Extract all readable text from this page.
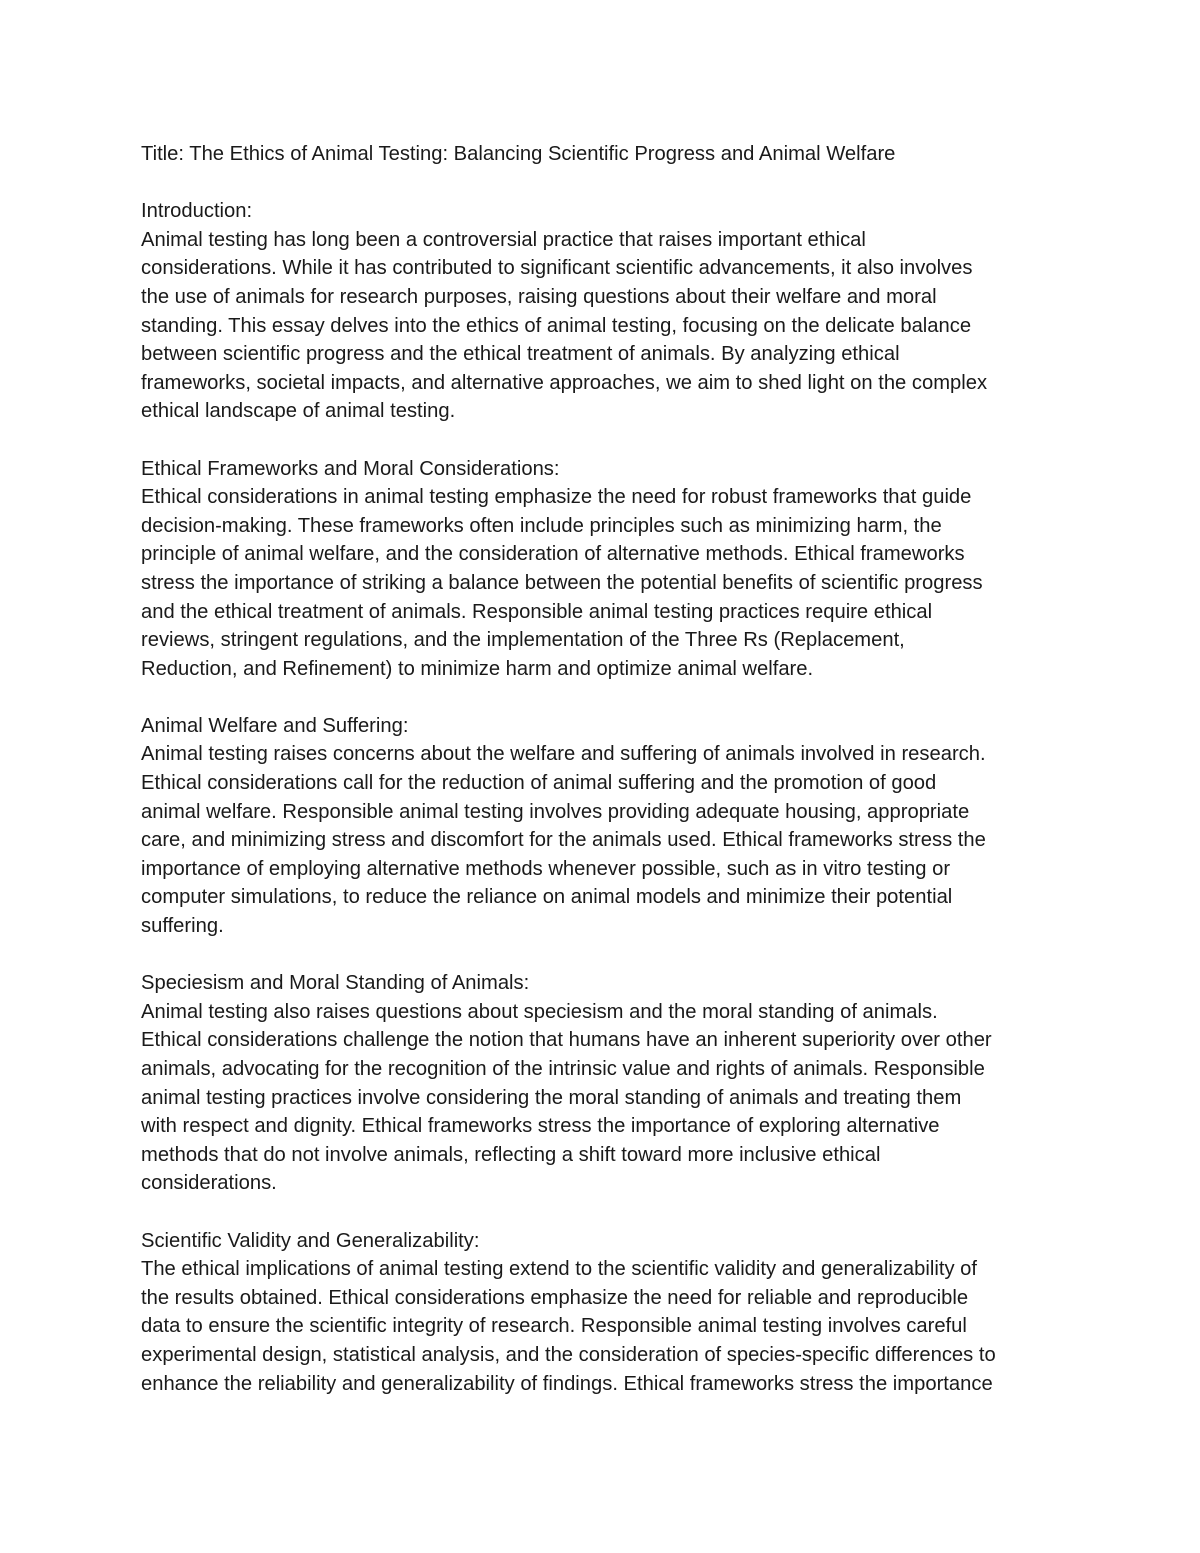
Title: The Ethics of Animal Testing: Balancing Scientific Progress and Animal Welfare
Introduction:
Animal testing has long been a controversial practice that raises important ethical
considerations. While it has contributed to significant scientific advancements, it also involves
the use of animals for research purposes, raising questions about their welfare and moral
standing. This essay delves into the ethics of animal testing, focusing on the delicate balance
between scientific progress and the ethical treatment of animals. By analyzing ethical
frameworks, societal impacts, and alternative approaches, we aim to shed light on the complex
ethical landscape of animal testing.
Ethical Frameworks and Moral Considerations:
Ethical considerations in animal testing emphasize the need for robust frameworks that guide
decision-making. These frameworks often include principles such as minimizing harm, the
principle of animal welfare, and the consideration of alternative methods. Ethical frameworks
stress the importance of striking a balance between the potential benefits of scientific progress
and the ethical treatment of animals. Responsible animal testing practices require ethical
reviews, stringent regulations, and the implementation of the Three Rs (Replacement,
Reduction, and Refinement) to minimize harm and optimize animal welfare.
Animal Welfare and Suffering:
Animal testing raises concerns about the welfare and suffering of animals involved in research.
Ethical considerations call for the reduction of animal suffering and the promotion of good
animal welfare. Responsible animal testing involves providing adequate housing, appropriate
care, and minimizing stress and discomfort for the animals used. Ethical frameworks stress the
importance of employing alternative methods whenever possible, such as in vitro testing or
computer simulations, to reduce the reliance on animal models and minimize their potential
suffering.
Speciesism and Moral Standing of Animals:
Animal testing also raises questions about speciesism and the moral standing of animals.
Ethical considerations challenge the notion that humans have an inherent superiority over other
animals, advocating for the recognition of the intrinsic value and rights of animals. Responsible
animal testing practices involve considering the moral standing of animals and treating them
with respect and dignity. Ethical frameworks stress the importance of exploring alternative
methods that do not involve animals, reflecting a shift toward more inclusive ethical
considerations.
Scientific Validity and Generalizability:
The ethical implications of animal testing extend to the scientific validity and generalizability of
the results obtained. Ethical considerations emphasize the need for reliable and reproducible
data to ensure the scientific integrity of research. Responsible animal testing involves careful
experimental design, statistical analysis, and the consideration of species-specific differences to
enhance the reliability and generalizability of findings. Ethical frameworks stress the importance
